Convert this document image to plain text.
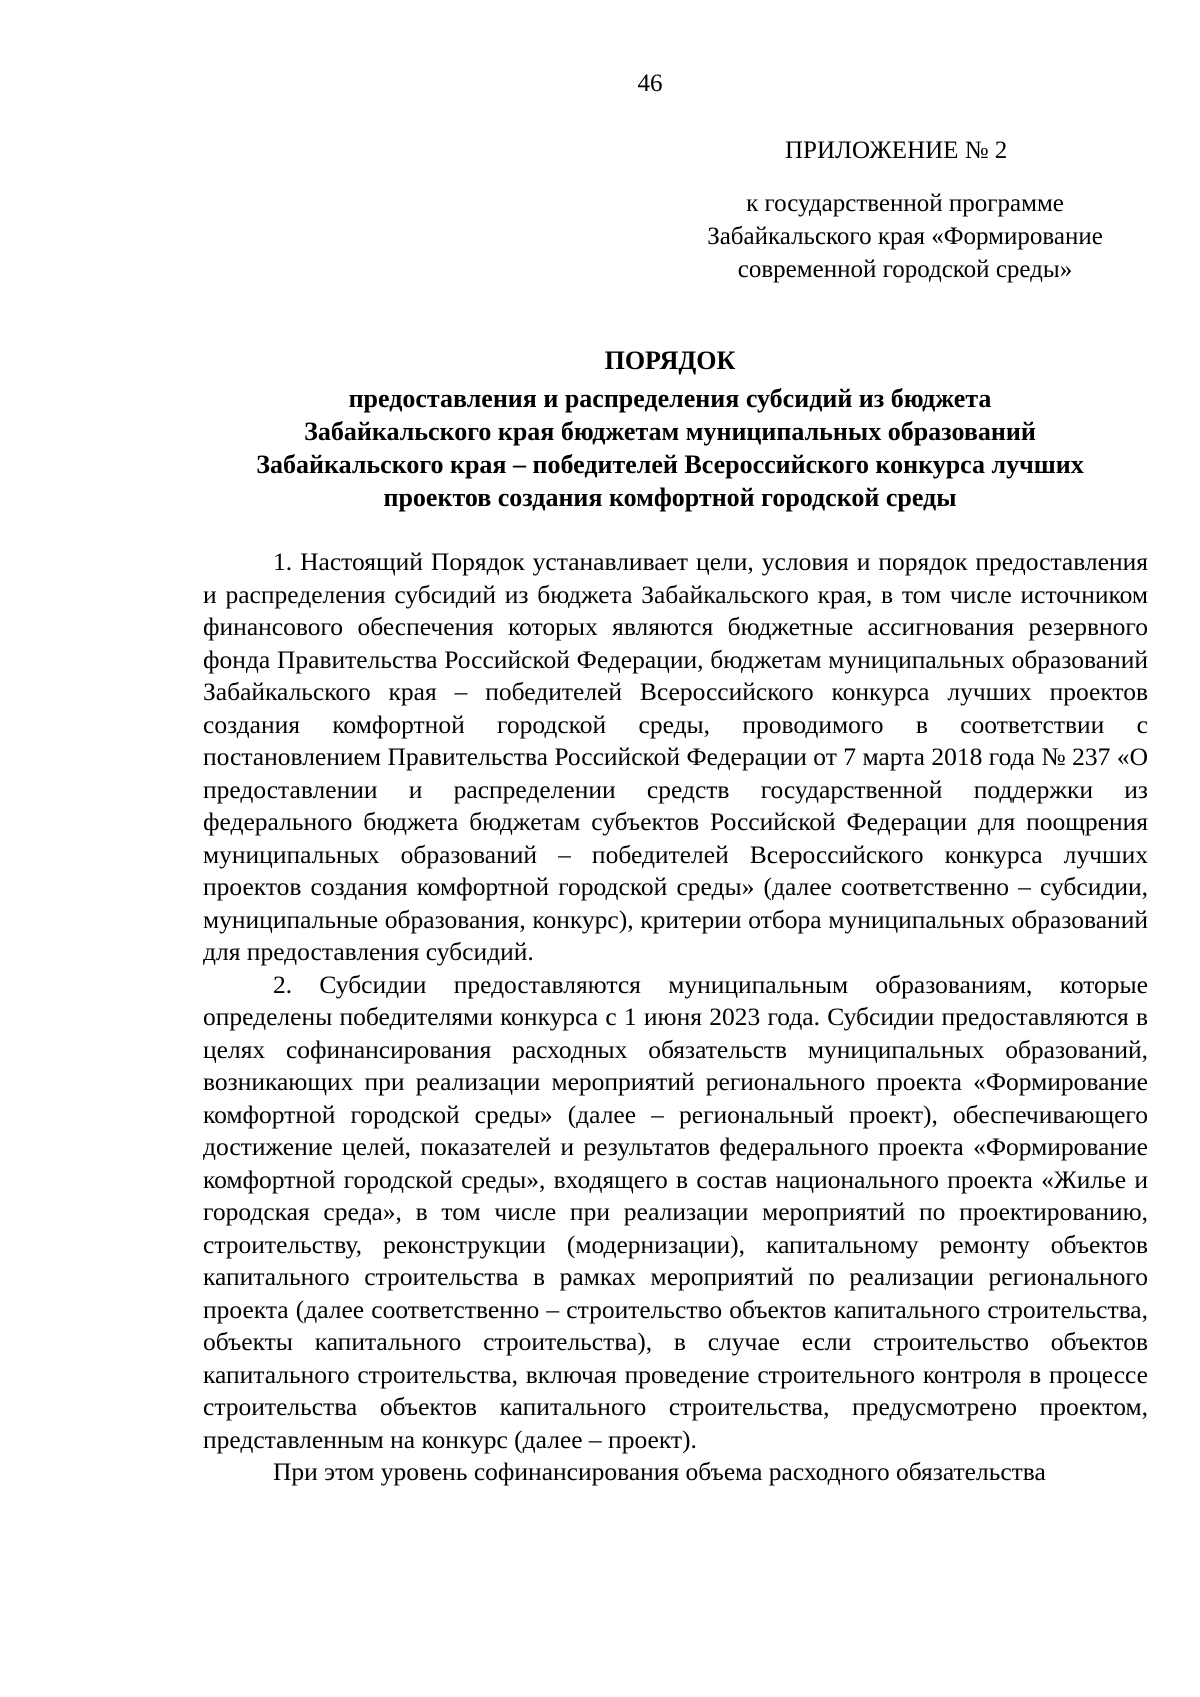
46
ПРИЛОЖЕНИЕ № 2
к государственной программе Забайкальского края «Формирование современной городской среды»
ПОРЯДОК
предоставления и распределения субсидий из бюджета
Забайкальского края бюджетам муниципальных образований
Забайкальского края – победителей Всероссийского конкурса лучших
проектов создания комфортной городской среды

1. Настоящий Порядок устанавливает цели, условия и порядок предоставления и распределения субсидий из бюджета Забайкальского края, в том числе источником финансового обеспечения которых являются бюджетные ассигнования резервного фонда Правительства Российской Федерации, бюджетам муниципальных образований Забайкальского края – победителей Всероссийского конкурса лучших проектов создания комфортной городской среды, проводимого в соответствии с постановлением Правительства Российской Федерации от 7 марта 2018 года № 237 «О предоставлении и распределении средств государственной поддержки из федерального бюджета бюджетам субъектов Российской Федерации для поощрения муниципальных образований – победителей Всероссийского конкурса лучших проектов создания комфортной городской среды» (далее соответственно – субсидии, муниципальные образования, конкурс), критерии отбора муниципальных образований для предоставления субсидий.

2. Субсидии предоставляются муниципальным образованиям, которые определены победителями конкурса с 1 июня 2023 года. Субсидии предоставляются в целях софинансирования расходных обязательств муниципальных образований, возникающих при реализации мероприятий регионального проекта «Формирование комфортной городской среды» (далее – региональный проект), обеспечивающего достижение целей, показателей и результатов федерального проекта «Формирование комфортной городской среды», входящего в состав национального проекта «Жилье и городская среда», в том числе при реализации мероприятий по проектированию, строительству, реконструкции (модернизации), капитальному ремонту объектов капитального строительства в рамках мероприятий по реализации регионального проекта (далее соответственно – строительство объектов капитального строительства, объекты капитального строительства), в случае если строительство объектов капитального строительства, включая проведение строительного контроля в процессе строительства объектов капитального строительства, предусмотрено проектом, представленным на конкурс (далее – проект).

При этом уровень софинансирования объема расходного обязательства
